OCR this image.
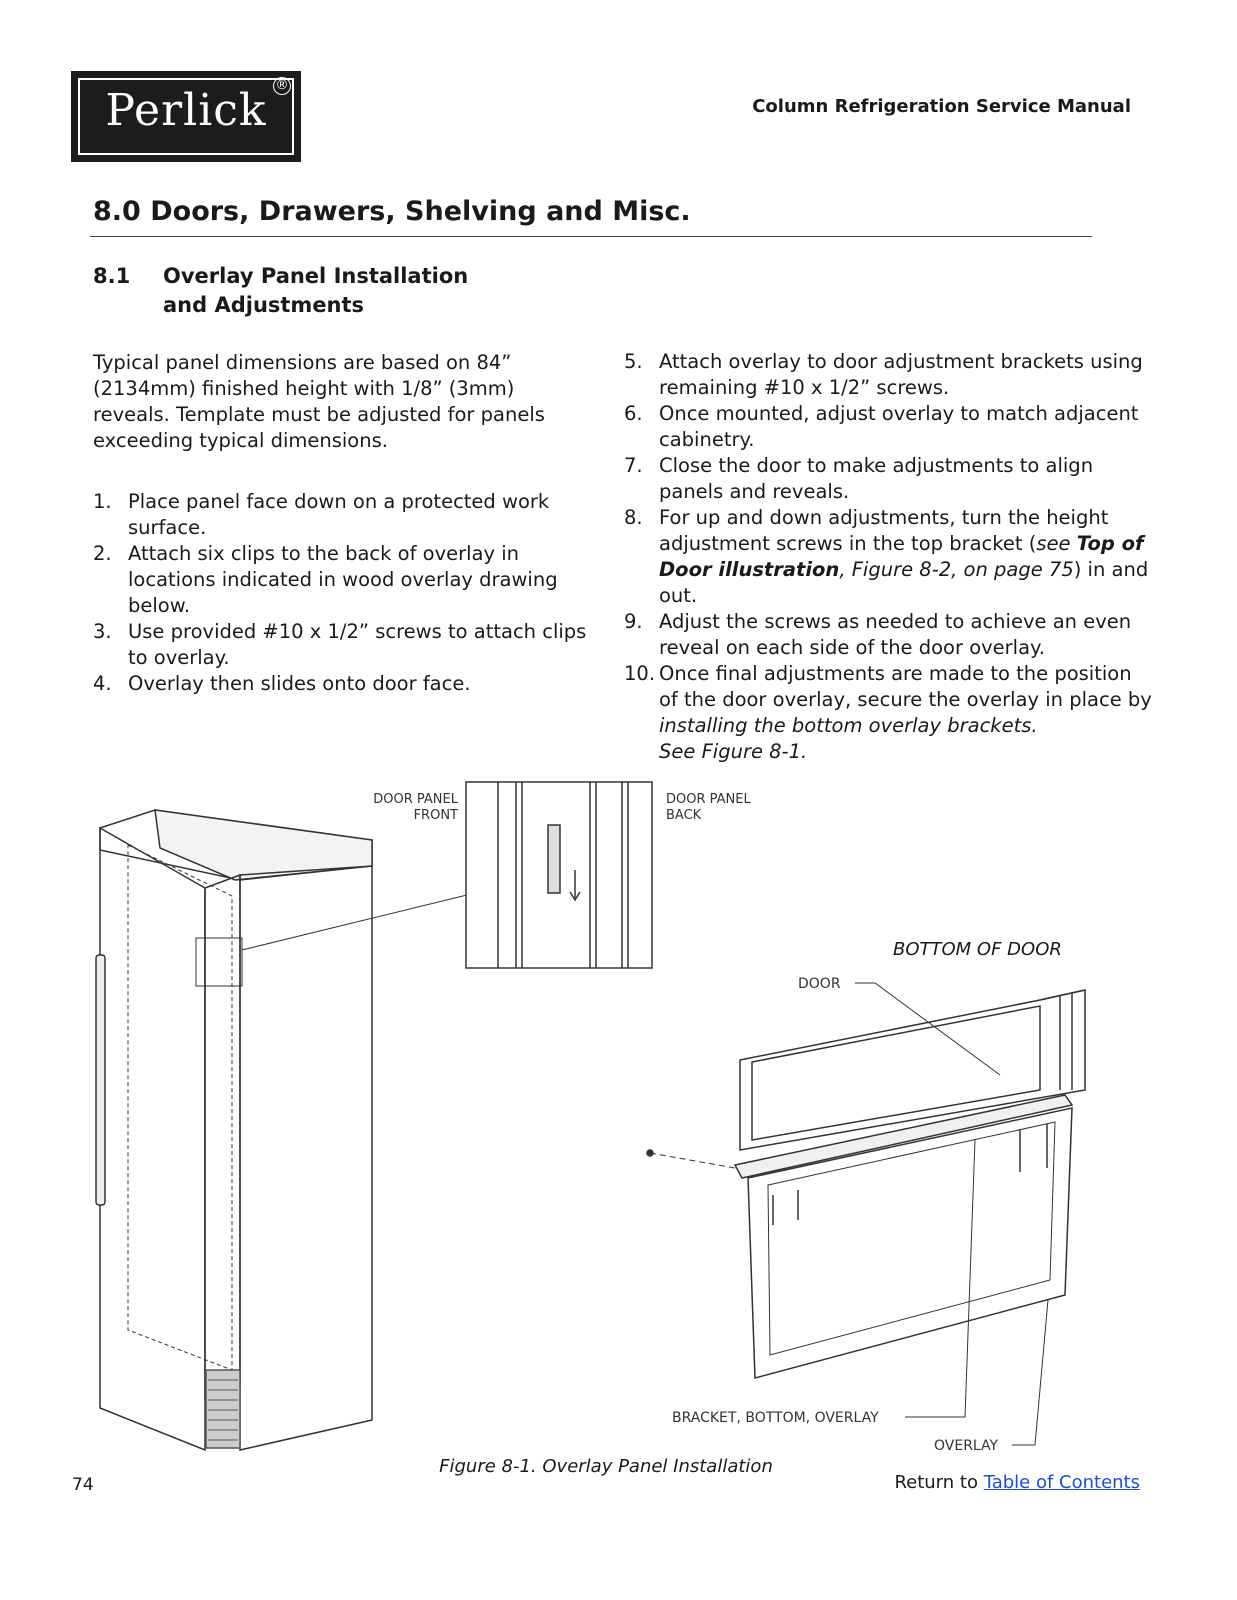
Perlick ®
Column Refrigeration Service Manual
8.0 Doors, Drawers, Shelving and Misc.
8.1 Overlay Panel Installation
and Adjustments
Typical panel dimensions are based on 84” (2134mm) finished height with 1/8” (3mm) reveals. Template must be adjusted for panels exceeding typical dimensions.
1. Place panel face down on a protected work surface.
2. Attach six clips to the back of overlay in locations indicated in wood overlay drawing below.
3. Use provided #10 x 1/2” screws to attach clips to overlay.
4. Overlay then slides onto door face.
5. Attach overlay to door adjustment brackets using remaining #10 x 1/2” screws.
6. Once mounted, adjust overlay to match adjacent cabinetry.
7. Close the door to make adjustments to align panels and reveals.
8. For up and down adjustments, turn the height adjustment screws in the top bracket (see Top of Door illustration, Figure 8-2, on page 75) in and out.
9. Adjust the screws as needed to achieve an even reveal on each side of the door overlay.
10. Once final adjustments are made to the position of the door overlay, secure the overlay in place by installing the bottom overlay brackets.
See Figure 8-1.
DOOR PANEL
FRONT
DOOR PANEL
BACK
BOTTOM OF DOOR
DOOR
BRACKET, BOTTOM, OVERLAY
OVERLAY
Figure 8-1. Overlay Panel Installation
74	Return to Table of Contents
